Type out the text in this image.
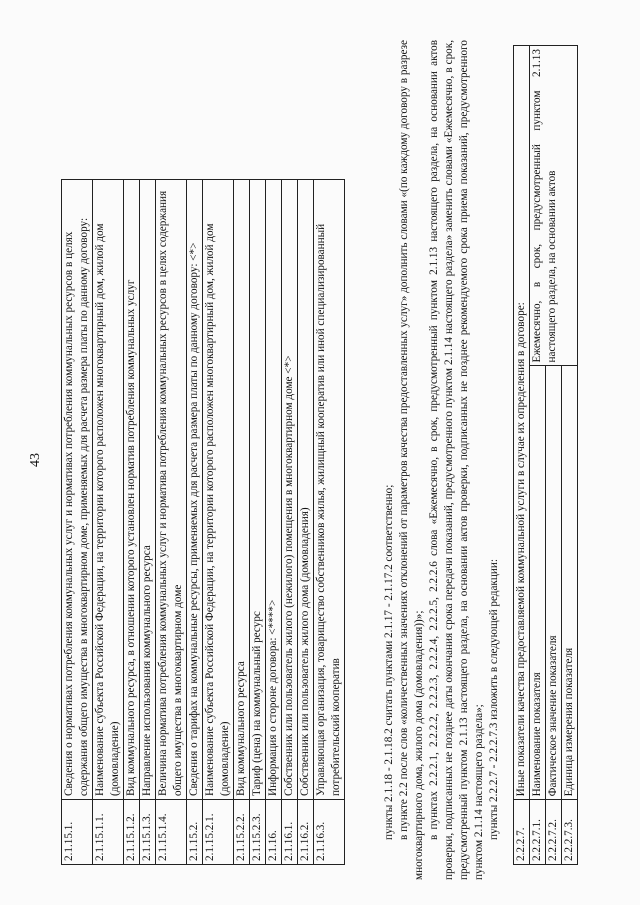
43
2.1.15.1.	Сведения о нормативах потребления коммунальных услуг и нормативах потребления коммунальных ресурсов в целях содержания общего имущества в многоквартирном доме, применяемых для расчета размера платы по данному договору:
2.1.15.1.1.	Наименование субъекта Российской Федерации, на территории которого расположен многоквартирный дом, жилой дом (домовладение)
2.1.15.1.2.	Вид коммунального ресурса, в отношении которого установлен норматив потребления коммунальных услуг
2.1.15.1.3.	Направление использования коммунального ресурса
2.1.15.1.4.	Величина норматива потребления коммунальных услуг и норматива потребления коммунальных ресурсов в целях содержания общего имущества в многоквартирном доме
2.1.15.2.	Сведения о тарифах на коммунальные ресурсы, применяемых для расчета размера платы по данному договору: <*>
2.1.15.2.1.	Наименование субъекта Российской Федерации, на территории которого расположен многоквартирный дом, жилой дом (домовладение)
2.1.15.2.2.	Вид коммунального ресурса
2.1.15.2.3.	Тариф (цена) на коммунальный ресурс
2.1.16.	Информация о стороне договора: <****>
2.1.16.1.	Собственник или пользователь жилого (нежилого) помещения в многоквартирном доме <*>
2.1.16.2.	Собственник или пользователь жилого дома (домовладения)
2.1.16.3.	Управляющая организация, товарищество собственников жилья, жилищный кооператив или иной специализированный потребительский кооператив	пункты 2.1.18 - 2.1.18.2 считать пунктами 2.1.17 - 2.1.17.2 соответственно; в пункте 2.2 после слов «количественных значениях отклонений от параметров качества предоставленных услуг» дополнить словами «(по каждому договору в разрезе многоквартирного дома, жилого дома (домовладения))»; в пунктах 2.2.2.1, 2.2.2.2, 2.2.2.3, 2.2.2.4, 2.2.2.5, 2.2.2.6 слова «Ежемесячно, в срок, предусмотренный пунктом 2.1.13 настоящего раздела, на основании актов проверки, подписанных не позднее даты окончания срока передачи показаний, предусмотренного пунктом 2.1.14 настоящего раздела» заменить словами «Ежемесячно, в срок, предусмотренный пунктом 2.1.13 настоящего раздела, на основании актов проверки, подписанных не позднее рекомендуемого срока приема показаний, предусмотренного пунктом 2.1.14 настоящего раздела»; пункты 2.2.2.7 - 2.2.2.7.3 изложить в следующей редакции:

2.2.2.7.	Иные показатели качества предоставляемой коммунальной услуги в случае их определения в договоре:	
2.2.2.7.1.	Наименование показателя	Ежемесячно, в срок, предусмотренный пунктом 2.1.13 настоящего раздела, на основании актов
2.2.2.7.2.	Фактическое значение показателя	
2.2.2.7.3.	Единица измерения показателя	
